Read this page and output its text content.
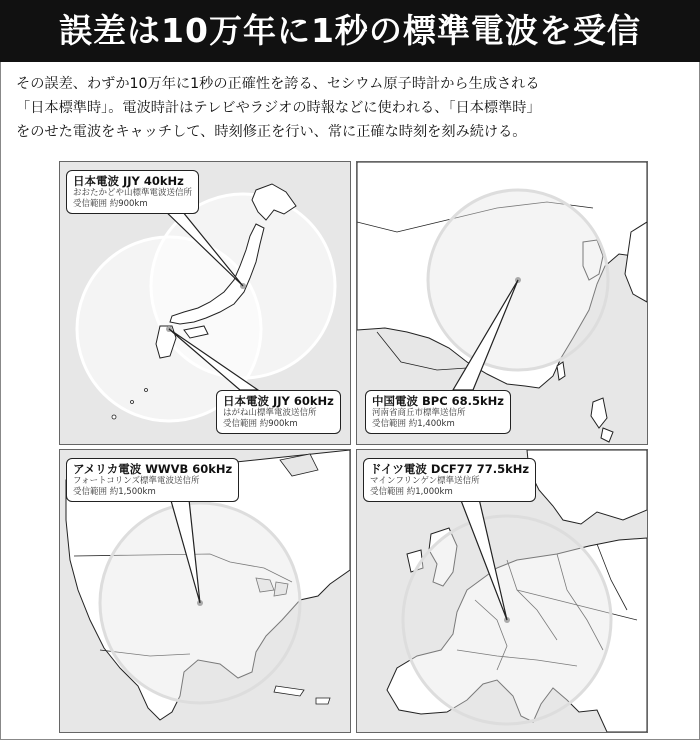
誤差は10万年に1秒の標準電波を受信

その誤差、わずか10万年に1秒の正確性を誇る、セシウム原子時計から生成される

「日本標準時」。電波時計はテレビやラジオの時報などに使われる、「日本標準時」

をのせた電波をキャッチして、時刻修正を行い、常に正確な時刻を刻み続ける。

日本電波 JJY 40kHz
おおたかどや山標準電波送信所
受信範囲 約900km
日本電波 JJY 60kHz
はがね山標準電波送信所
受信範囲 約900km
中国電波 BPC 68.5kHz
河南省商丘市標準送信所
受信範囲 約1,400km
アメリカ電波 WWVB 60kHz
フォートコリンズ標準電波送信所
受信範囲 約1,500km
ドイツ電波 DCF77 77.5kHz
マインフリンゲン標準送信所
受信範囲 約1,000km
